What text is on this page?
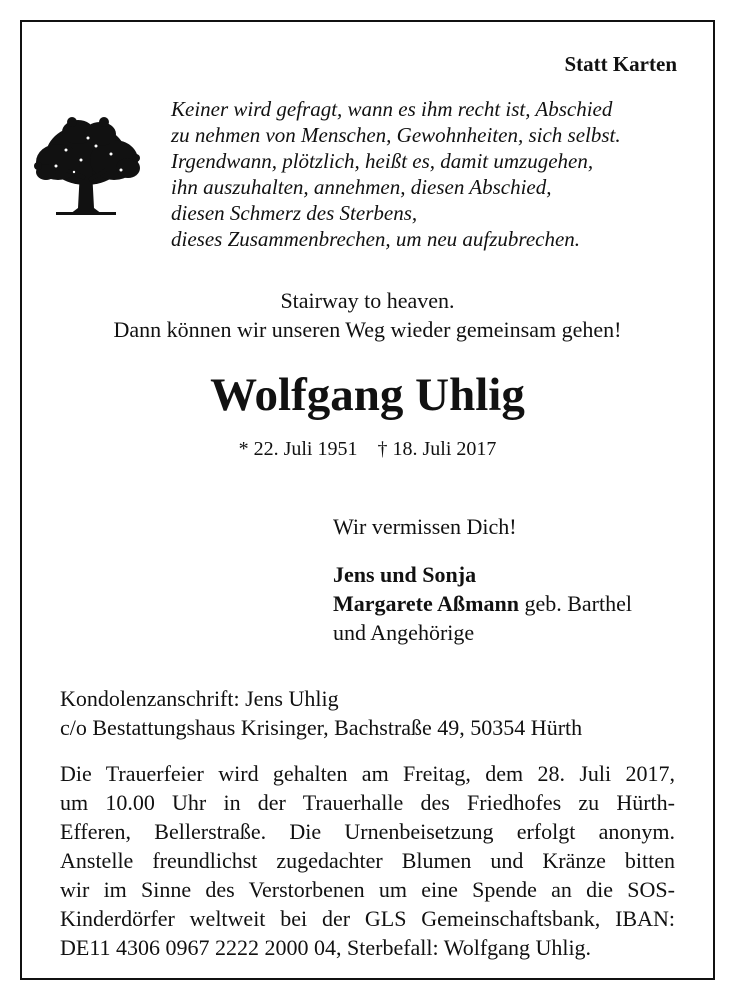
Statt Karten
Keiner wird gefragt, wann es ihm recht ist, Abschied
zu nehmen von Menschen, Gewohnheiten, sich selbst.
Irgendwann, plötzlich, heißt es, damit umzugehen,
ihn auszuhalten, annehmen, diesen Abschied,
diesen Schmerz des Sterbens,
dieses Zusammenbrechen, um neu aufzubrechen.
Stairway to heaven.
Dann können wir unseren Weg wieder gemeinsam gehen!
Wolfgang Uhlig
* 22. Juli 1951 † 18. Juli 2017
Wir vermissen Dich!
Jens und Sonja
Margarete Aßmann geb. Barthel
und Angehörige
Kondolenzanschrift: Jens Uhlig
c/o Bestattungshaus Krisinger, Bachstraße 49, 50354 Hürth
Die Trauerfeier wird gehalten am Freitag, dem 28. Juli 2017,
um 10.00 Uhr in der Trauerhalle des Friedhofes zu Hürth-
Efferen, Bellerstraße. Die Urnenbeisetzung erfolgt anonym.
Anstelle freundlichst zugedachter Blumen und Kränze bitten
wir im Sinne des Verstorbenen um eine Spende an die SOS-
Kinderdörfer weltweit bei der GLS Gemeinschaftsbank, IBAN:
DE11 4306 0967 2222 2000 04, Sterbefall: Wolfgang Uhlig.
